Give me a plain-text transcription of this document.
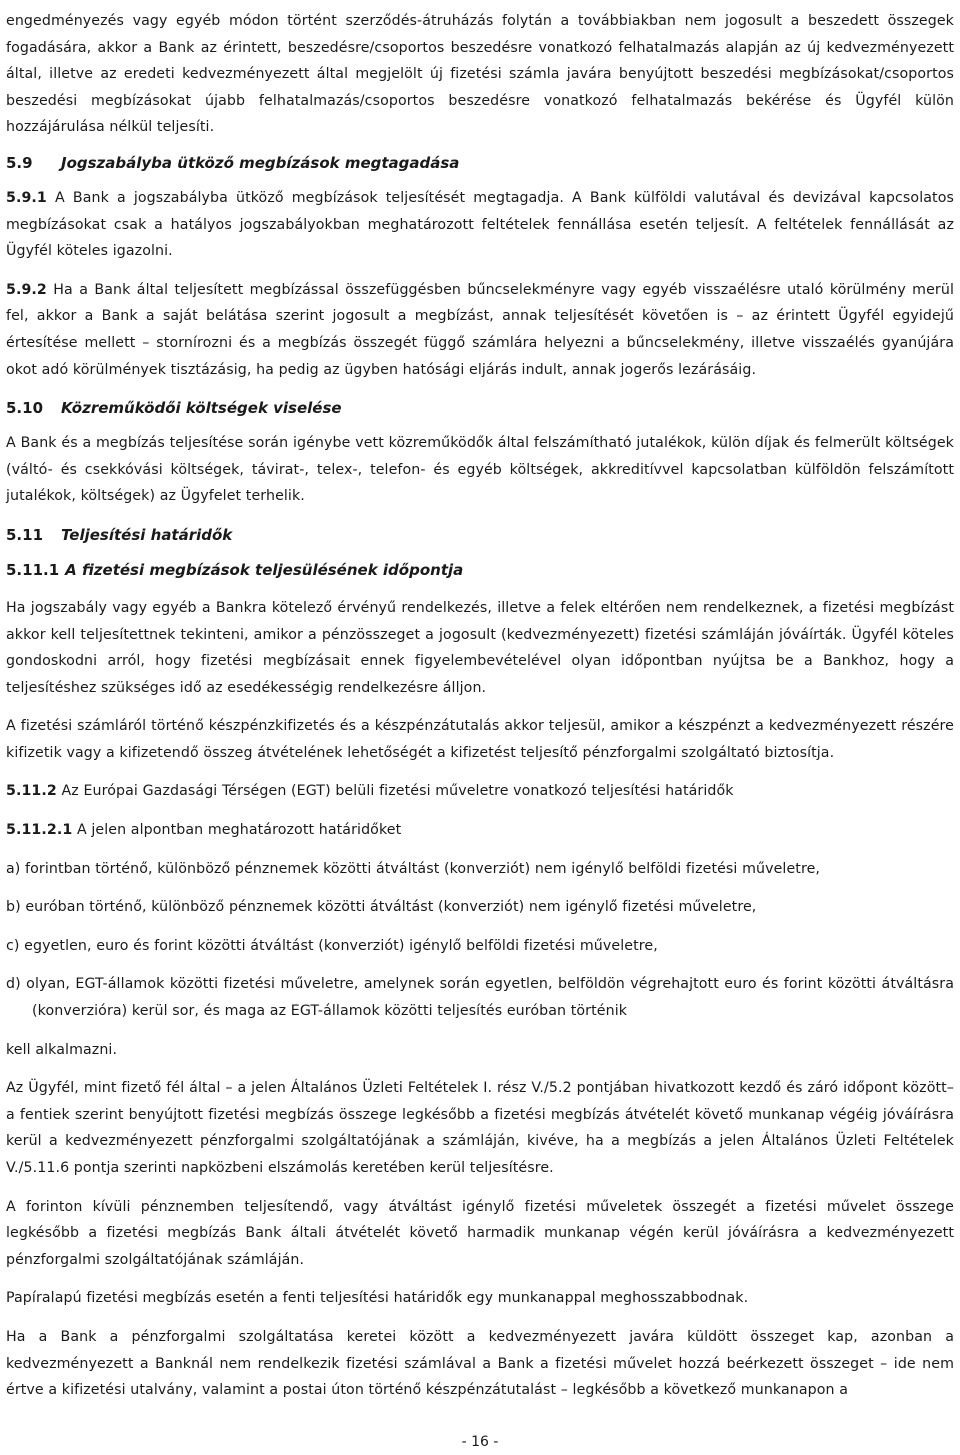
engedményezés vagy egyéb módon történt szerződés-átruházás folytán a továbbiakban nem jogosult a beszedett összegek fogadására, akkor a Bank az érintett, beszedésre/csoportos beszedésre vonatkozó felhatalmazás alapján az új kedvezményezett által, illetve az eredeti kedvezményezett által megjelölt új fizetési számla javára benyújtott beszedési megbízásokat/csoportos beszedési megbízásokat újabb felhatalmazás/csoportos beszedésre vonatkozó felhatalmazás bekérése és Ügyfél külön hozzájárulása nélkül teljesíti.

5.9 Jogszabályba ütköző megbízások megtagadása

5.9.1 A Bank a jogszabályba ütköző megbízások teljesítését megtagadja. A Bank külföldi valutával és devizával kapcsolatos megbízásokat csak a hatályos jogszabályokban meghatározott feltételek fennállása esetén teljesít. A feltételek fennállását az Ügyfél köteles igazolni.

5.9.2 Ha a Bank által teljesített megbízással összefüggésben bűncselekményre vagy egyéb visszaélésre utaló körülmény merül fel, akkor a Bank a saját belátása szerint jogosult a megbízást, annak teljesítését követően is – az érintett Ügyfél egyidejű értesítése mellett – stornírozni és a megbízás összegét függő számlára helyezni a bűncselekmény, illetve visszaélés gyanújára okot adó körülmények tisztázásig, ha pedig az ügyben hatósági eljárás indult, annak jogerős lezárásáig.

5.10 Közreműködői költségek viselése

A Bank és a megbízás teljesítése során igénybe vett közreműködők által felszámítható jutalékok, külön díjak és felmerült költségek (váltó- és csekkóvási költségek, távirat-, telex-, telefon- és egyéb költségek, akkreditívvel kapcsolatban külföldön felszámított jutalékok, költségek) az Ügyfelet terhelik.

5.11 Teljesítési határidők
5.11.1 A fizetési megbízások teljesülésének időpontja

Ha jogszabály vagy egyéb a Bankra kötelező érvényű rendelkezés, illetve a felek eltérően nem rendelkeznek, a fizetési megbízást akkor kell teljesítettnek tekinteni, amikor a pénzösszeget a jogosult (kedvezményezett) fizetési számláján jóváírták. Ügyfél köteles gondoskodni arról, hogy fizetési megbízásait ennek figyelembevételével olyan időpontban nyújtsa be a Bankhoz, hogy a teljesítéshez szükséges idő az esedékességig rendelkezésre álljon.

A fizetési számláról történő készpénzkifizetés és a készpénzátutalás akkor teljesül, amikor a készpénzt a kedvezményezett részére kifizetik vagy a kifizetendő összeg átvételének lehetőségét a kifizetést teljesítő pénzforgalmi szolgáltató biztosítja.

5.11.2 Az Európai Gazdasági Térségen (EGT) belüli fizetési műveletre vonatkozó teljesítési határidők

5.11.2.1 A jelen alpontban meghatározott határidőket

a) forintban történő, különböző pénznemek közötti átváltást (konverziót) nem igénylő belföldi fizetési műveletre,

b) euróban történő, különböző pénznemek közötti átváltást (konverziót) nem igénylő fizetési műveletre,

c) egyetlen, euro és forint közötti átváltást (konverziót) igénylő belföldi fizetési műveletre,

d) olyan, EGT-államok közötti fizetési műveletre, amelynek során egyetlen, belföldön végrehajtott euro és forint közötti átváltásra (konverzióra) kerül sor, és maga az EGT-államok közötti teljesítés euróban történik

kell alkalmazni.

Az Ügyfél, mint fizető fél által – a jelen Általános Üzleti Feltételek I. rész V./5.2 pontjában hivatkozott kezdő és záró időpont között– a fentiek szerint benyújtott fizetési megbízás összege legkésőbb a fizetési megbízás átvételét követő munkanap végéig jóváírásra kerül a kedvezményezett pénzforgalmi szolgáltatójának a számláján, kivéve, ha a megbízás a jelen Általános Üzleti Feltételek V./5.11.6 pontja szerinti napközbeni elszámolás keretében kerül teljesítésre.

A forinton kívüli pénznemben teljesítendő, vagy átváltást igénylő fizetési műveletek összegét a fizetési művelet összege legkésőbb a fizetési megbízás Bank általi átvételét követő harmadik munkanap végén kerül jóváírásra a kedvezményezett pénzforgalmi szolgáltatójának számláján.

Papíralapú fizetési megbízás esetén a fenti teljesítési határidők egy munkanappal meghosszabbodnak.

Ha a Bank a pénzforgalmi szolgáltatása keretei között a kedvezményezett javára küldött összeget kap, azonban a kedvezményezett a Banknál nem rendelkezik fizetési számlával a Bank a fizetési művelet hozzá beérkezett összeget – ide nem értve a kifizetési utalvány, valamint a postai úton történő készpénzátutalást – legkésőbb a következő munkanapon a

- 16 -
